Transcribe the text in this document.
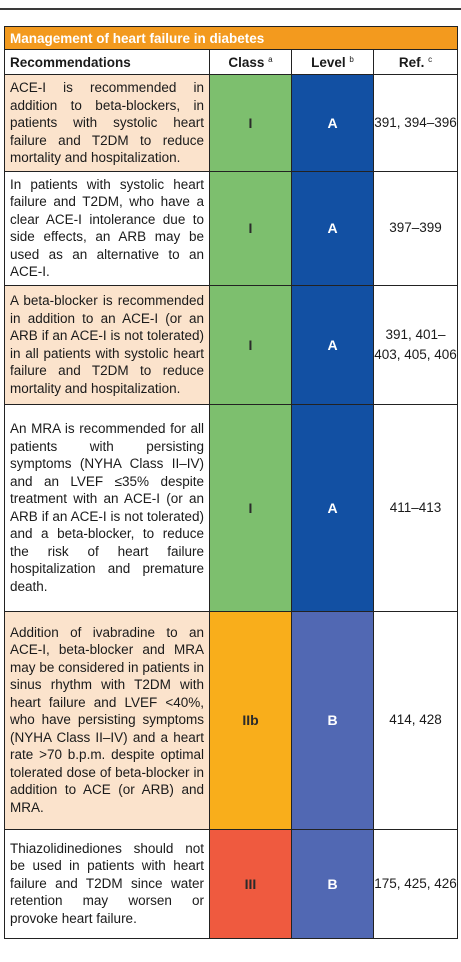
Management of heart failure in diabetes			
Recommendations	Class $^a$	Level $^b$	Ref. $^c$
ACE-I is recommended in addition to beta-blockers, in patients with systolic heart failure and T2DM to reduce mortality and hospitalization.	I	A	391, 394–396
In patients with systolic heart failure and T2DM, who have a clear ACE-I intolerance due to side effects, an ARB may be used as an alternative to an ACE-I.	I	A	397–399
A beta-blocker is recommended in addition to an ACE-I (or an ARB if an ACE-I is not tolerated) in all patients with systolic heart failure and T2DM to reduce mortality and hospitalization.	I	A	391, 401–403, 405, 406
An MRA is recommended for all patients with persisting symptoms (NYHA Class II–IV) and an LVEF ≤35% despite treatment with an ACE-I (or an ARB if an ACE-I is not tolerated) and a beta-blocker, to reduce the risk of heart failure hospitalization and premature death.	I	A	411–413
Addition of ivabradine to an ACE-I, beta-blocker and MRA may be considered in patients in sinus rhythm with T2DM with heart failure and LVEF <40%, who have persisting symptoms (NYHA Class II–IV) and a heart rate >70 b.p.m. despite optimal tolerated dose of beta-blocker in addition to ACE (or ARB) and MRA.	IIb	B	414, 428
Thiazolidinediones should not be used in patients with heart failure and T2DM since water retention may worsen or provoke heart failure.	III	B	175, 425, 426
